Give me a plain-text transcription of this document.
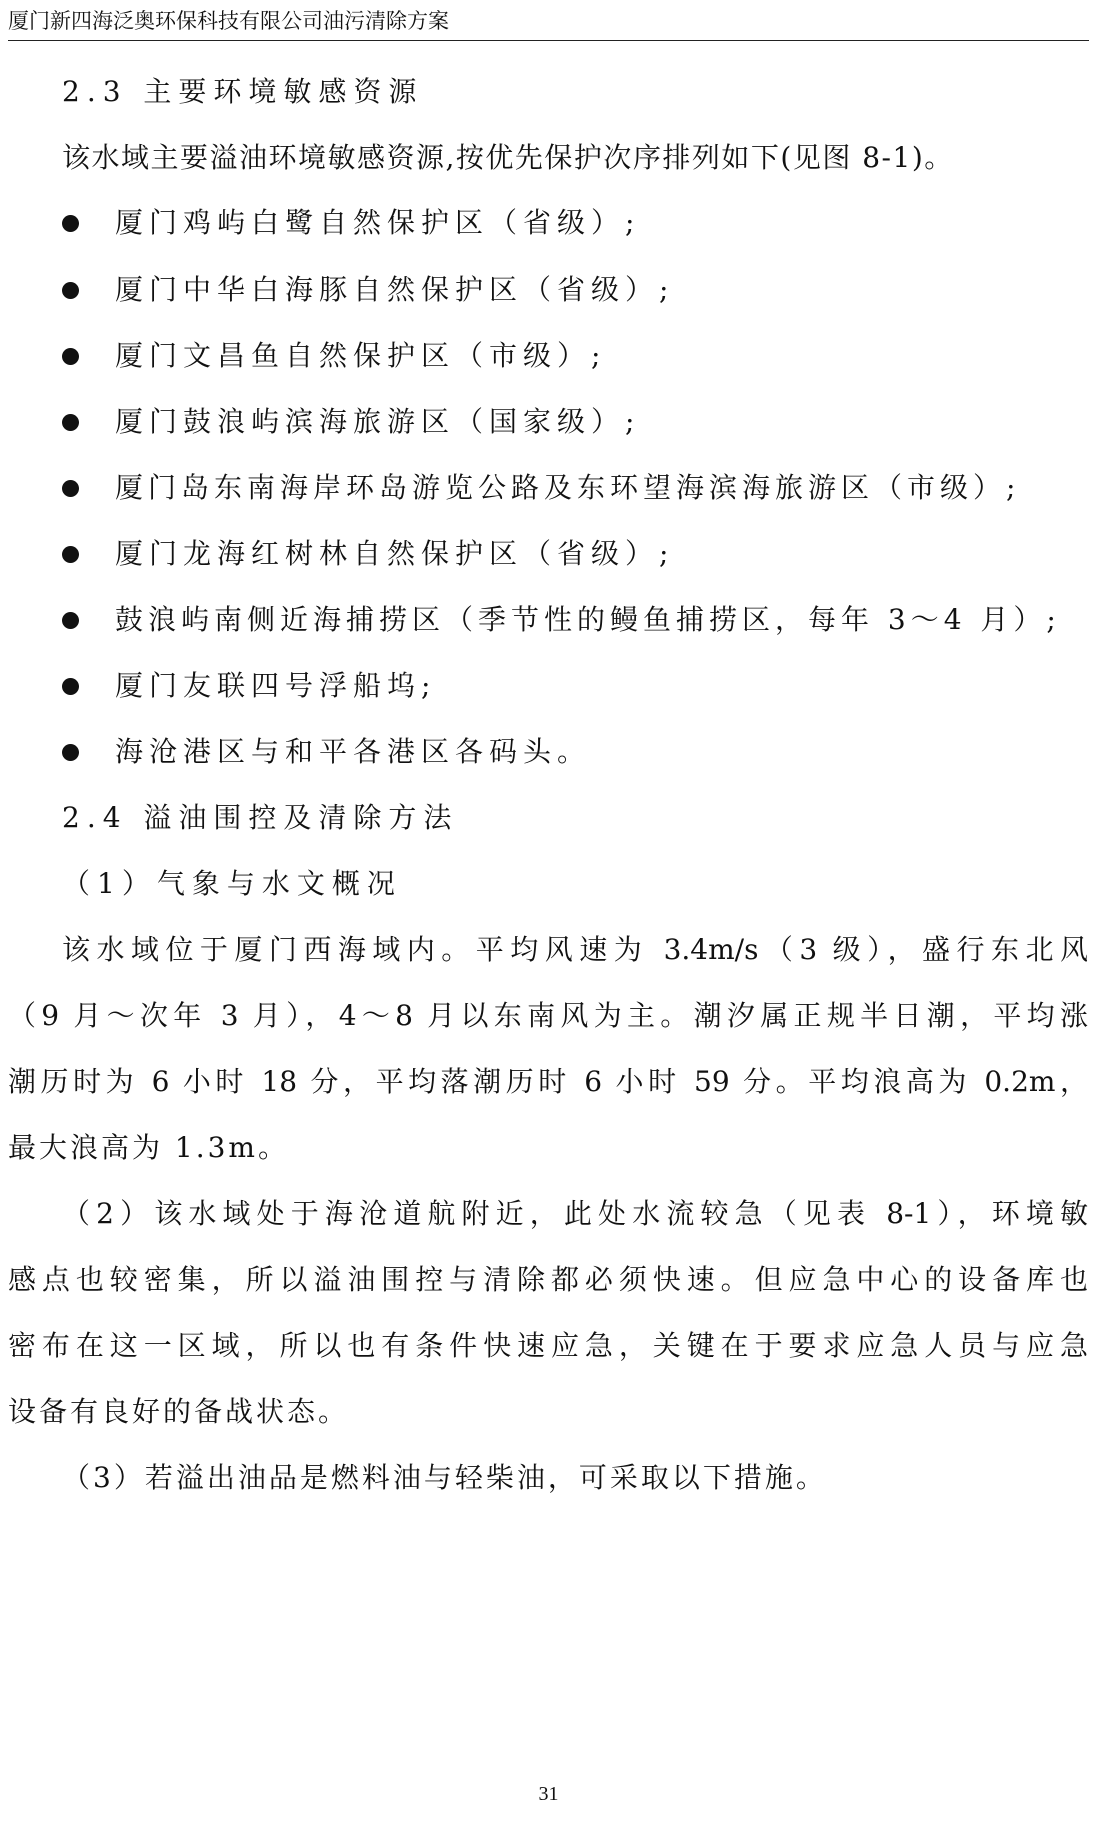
厦门新四海泛奥环保科技有限公司油污清除方案
2.3 主要环境敏感资源
该水域主要溢油环境敏感资源,按优先保护次序排列如下(见图 8-1)。
厦门鸡屿白鹭自然保护区（省级）;
厦门中华白海豚自然保护区（省级）;
厦门文昌鱼自然保护区（市级）;
厦门鼓浪屿滨海旅游区（国家级）;
厦门岛东南海岸环岛游览公路及东环望海滨海旅游区（市级）;
厦门龙海红树林自然保护区（省级）;
鼓浪屿南侧近海捕捞区（季节性的鳗鱼捕捞区，每年 3～4 月）;
厦门友联四号浮船坞;
海沧港区与和平各港区各码头。
2.4 溢油围控及清除方法
（1）气象与水文概况
该水域位于厦门西海域内。平均风速为 3.4m/s（3 级），盛行东北风
（9 月～次年 3 月），4～8 月以东南风为主。潮汐属正规半日潮，平均涨
潮历时为 6 小时 18 分，平均落潮历时 6 小时 59 分。平均浪高为 0.2m，
最大浪高为 1.3m。
（2）该水域处于海沧道航附近，此处水流较急（见表 8-1），环境敏
感点也较密集，所以溢油围控与清除都必须快速。但应急中心的设备库也
密布在这一区域，所以也有条件快速应急，关键在于要求应急人员与应急
设备有良好的备战状态。
（3）若溢出油品是燃料油与轻柴油，可采取以下措施。
31
